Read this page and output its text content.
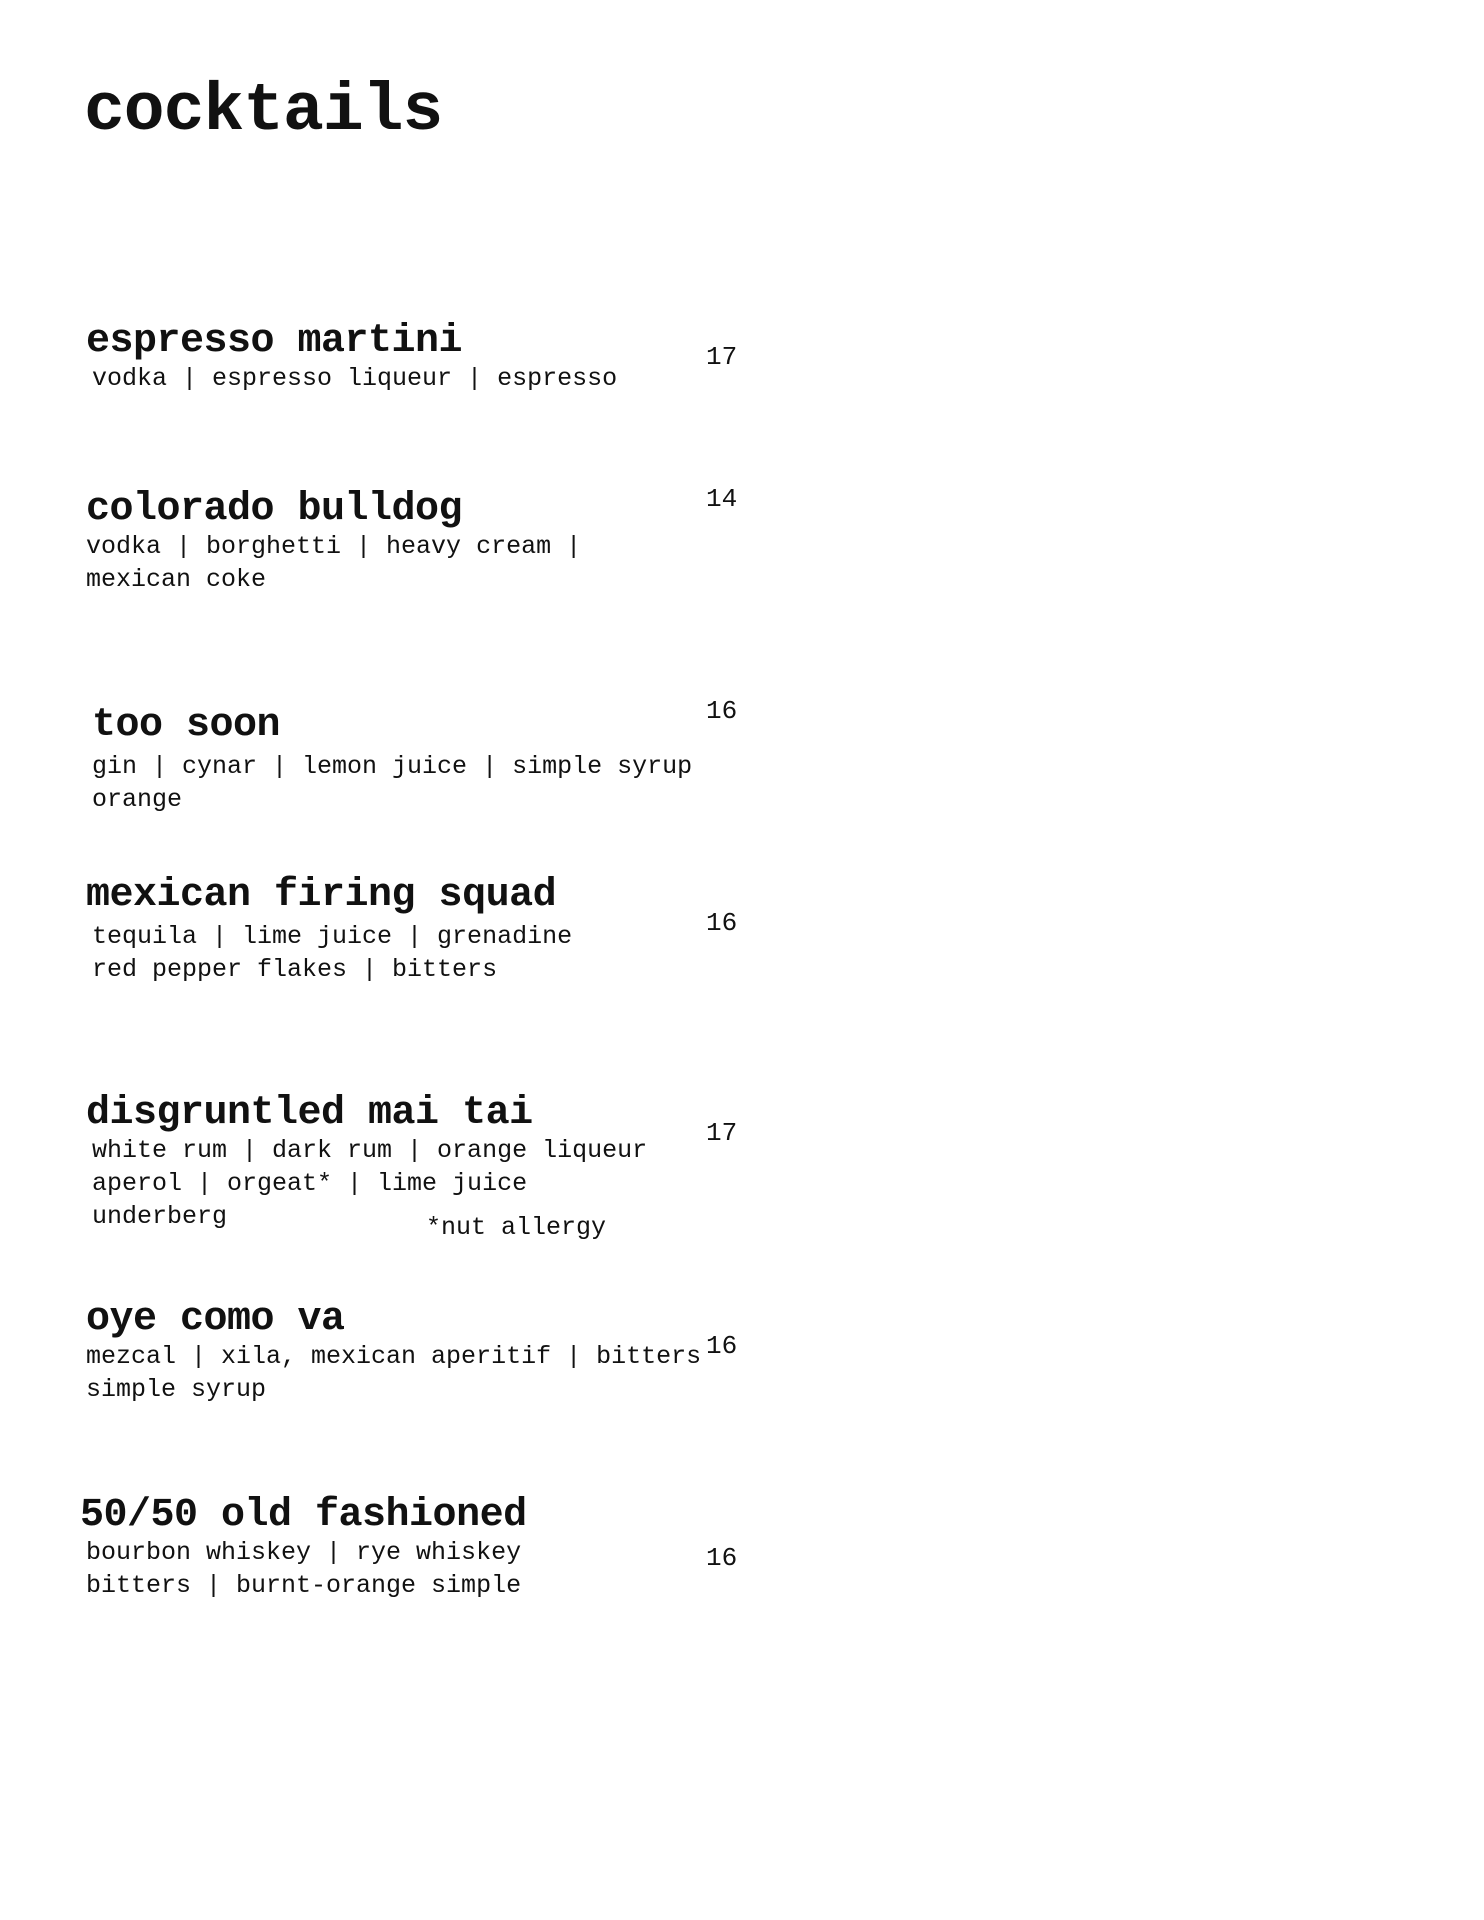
cocktails
espresso martini
vodka | espresso liqueur | espresso
17
colorado bulldog
vodka | borghetti | heavy cream |
mexican coke
14
too soon
gin | cynar | lemon juice | simple syrup
orange
16
mexican firing squad
tequila | lime juice | grenadine
red pepper flakes | bitters
16
disgruntled mai tai
white rum | dark rum | orange liqueur
aperol | orgeat* | lime juice
underberg
17
*nut allergy
oye como va
mezcal | xila, mexican aperitif | bitters
simple syrup
16
50/50 old fashioned
bourbon whiskey | rye whiskey
bitters | burnt-orange simple
16
